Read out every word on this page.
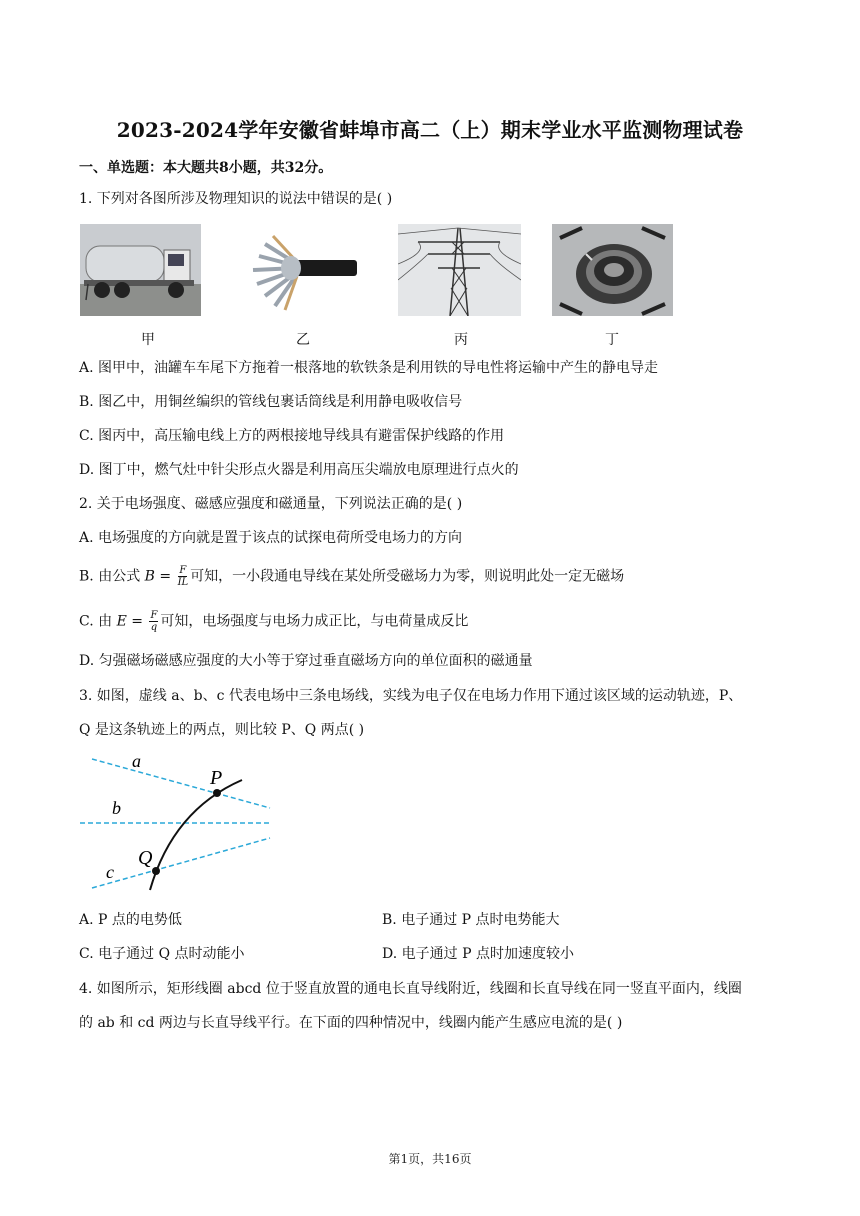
2023-2024学年安徽省蚌埠市高二（上）期末学业水平监测物理试卷
一、单选题：本大题共8小题，共32分。
1. 下列对各图所涉及物理知识的说法中错误的是( )
甲	乙	丙	丁
A. 图甲中，油罐车车尾下方拖着一根落地的软铁条是利用铁的导电性将运输中产生的静电导走
B. 图乙中，用铜丝编织的管线包裹话筒线是利用静电吸收信号
C. 图丙中，高压输电线上方的两根接地导线具有避雷保护线路的作用
D. 图丁中，燃气灶中针尖形点火器是利用高压尖端放电原理进行点火的
2. 关于电场强度、磁感应强度和磁通量，下列说法正确的是( )
A. 电场强度的方向就是置于该点的试探电荷所受电场力的方向
B. 由公式 $B = \frac{F}{IL}$ 可知，一小段通电导线在某处所受磁场力为零，则说明此处一定无磁场
C. 由 $E = \frac{F}{q}$ 可知，电场强度与电场力成正比，与电荷量成反比
D. 匀强磁场磁感应强度的大小等于穿过垂直磁场方向的单位面积的磁通量
3. 如图，虚线 a、b、c 代表电场中三条电场线，实线为电子仅在电场力作用下通过该区域的运动轨迹，P、
Q 是这条轨迹上的两点，则比较 P、Q 两点( )
a
b
c
P
Q
A. P 点的电势低	B. 电子通过 P 点时电势能大
C. 电子通过 Q 点时动能小	D. 电子通过 P 点时加速度较小
4. 如图所示，矩形线圈 abcd 位于竖直放置的通电长直导线附近，线圈和长直导线在同一竖直平面内，线圈
的 ab 和 cd 两边与长直导线平行。在下面的四种情况中，线圈内能产生感应电流的是( )
第1页，共16页
